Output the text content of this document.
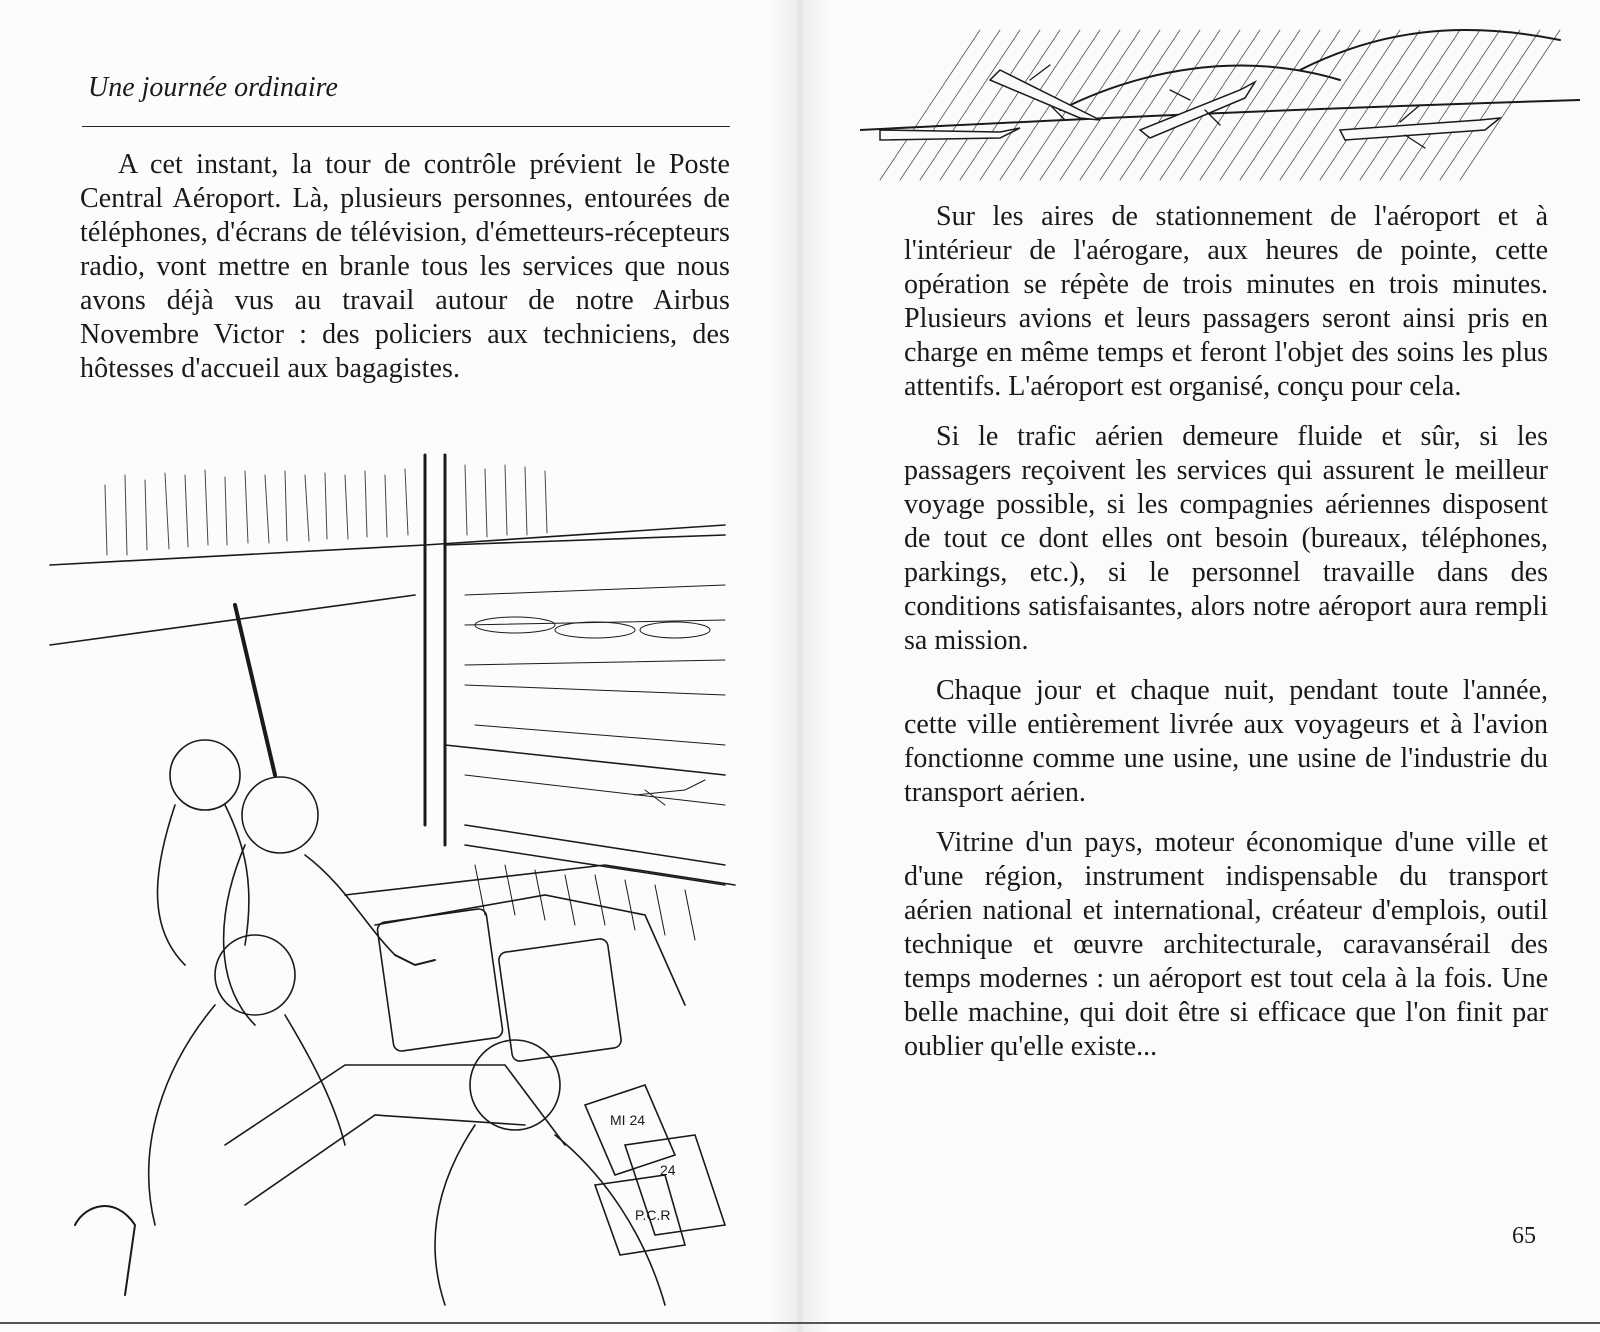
Une journée ordinaire
A cet instant, la tour de contrôle prévient le Poste Central Aéroport. Là, plusieurs personnes, entourées de téléphones, d'écrans de télévision, d'émetteurs-récepteurs radio, vont mettre en branle tous les services que nous avons déjà vus au travail autour de notre Airbus Novembre Victor : des policiers aux techniciens, des hôtesses d'accueil aux bagagistes.
MI 24
P.C.R
24

Sur les aires de stationnement de l'aéroport et à l'intérieur de l'aérogare, aux heures de pointe, cette opération se répète de trois minutes en trois minutes. Plusieurs avions et leurs passagers seront ainsi pris en charge en même temps et feront l'objet des soins les plus attentifs. L'aéroport est organisé, conçu pour cela.

Si le trafic aérien demeure fluide et sûr, si les passagers reçoivent les services qui assurent le meilleur voyage possible, si les compagnies aériennes disposent de tout ce dont elles ont besoin (bureaux, téléphones, parkings, etc.), si le personnel travaille dans des conditions satisfaisantes, alors notre aéroport aura rempli sa mission.

Chaque jour et chaque nuit, pendant toute l'année, cette ville entièrement livrée aux voyageurs et à l'avion fonctionne comme une usine, une usine de l'industrie du transport aérien.

Vitrine d'un pays, moteur économique d'une ville et d'une région, instrument indispensable du transport aérien national et international, créateur d'emplois, outil technique et œuvre architecturale, caravansérail des temps modernes : un aéroport est tout cela à la fois. Une belle machine, qui doit être si efficace que l'on finit par oublier qu'elle existe...

65
